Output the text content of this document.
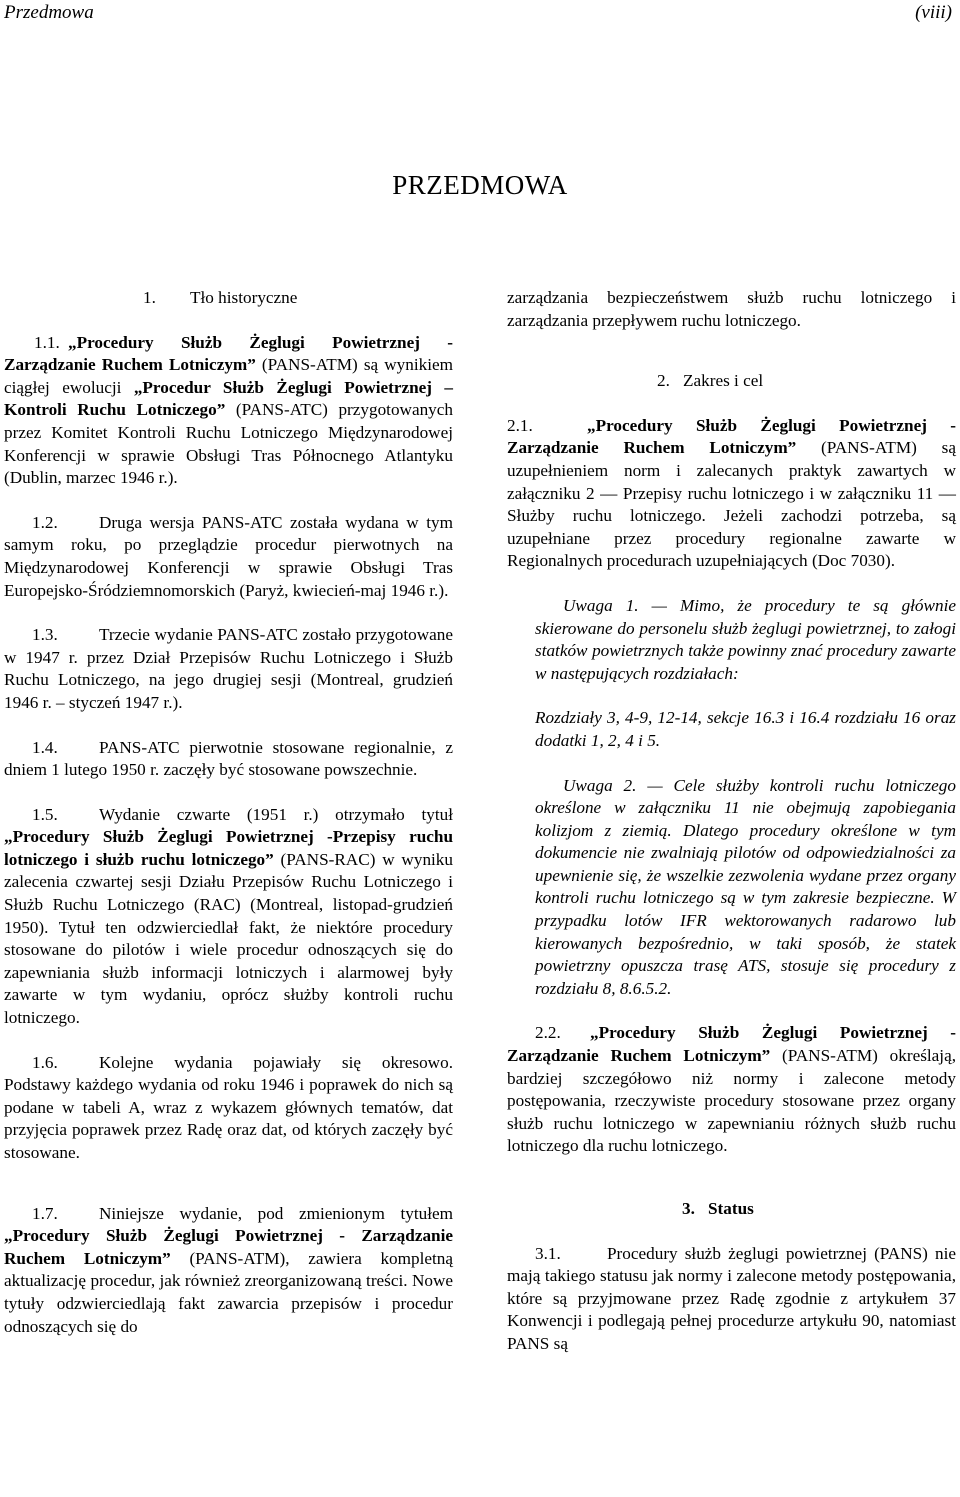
Przedmowa	(viii)
PRZEDMOWA

1. Tło historyczne

1.1. „Procedury Służb Żeglugi Powietrznej - Zarządzanie Ruchem Lotniczym” (PANS-ATM) są wynikiem ciągłej ewolucji „Procedur Służb Żeglugi Powietrznej – Kontroli Ruchu Lotniczego” (PANS-ATC) przygotowanych przez Komitet Kontroli Ruchu Lotniczego Międzynarodowej Konferencji w sprawie Obsługi Tras Północnego Atlantyku (Dublin, marzec 1946 r.).

1.2. Druga wersja PANS-ATC została wydana w tym samym roku, po przeglądzie procedur pierwotnych na Międzynarodowej Konferencji w sprawie Obsługi Tras Europejsko-Śródziemnomorskich (Paryż, kwiecień-maj 1946 r.).

1.3. Trzecie wydanie PANS-ATC zostało przygotowane w 1947 r. przez Dział Przepisów Ruchu Lotniczego i Służb Ruchu Lotniczego, na jego drugiej sesji (Montreal, grudzień 1946 r. – styczeń 1947 r.).

1.4. PANS-ATC pierwotnie stosowane regionalnie, z dniem 1 lutego 1950 r. zaczęły być stosowane powszechnie.

1.5. Wydanie czwarte (1951 r.) otrzymało tytuł „Procedury Służb Żeglugi Powietrznej -Przepisy ruchu lotniczego i służb ruchu lotniczego” (PANS-RAC) w wyniku zalecenia czwartej sesji Działu Przepisów Ruchu Lotniczego i Służb Ruchu Lotniczego (RAC) (Montreal, listopad-grudzień 1950). Tytuł ten odzwierciedlał fakt, że niektóre procedury stosowane do pilotów i wiele procedur odnoszących się do zapewniania służb informacji lotniczych i alarmowej były zawarte w tym wydaniu, oprócz służby kontroli ruchu lotniczego.

1.6. Kolejne wydania pojawiały się okresowo. Podstawy każdego wydania od roku 1946 i poprawek do nich są podane w tabeli A, wraz z wykazem głównych tematów, dat przyjęcia poprawek przez Radę oraz dat, od których zaczęły być stosowane.

1.7. Niniejsze wydanie, pod zmienionym tytułem „Procedury Służb Żeglugi Powietrznej - Zarządzanie Ruchem Lotniczym” (PANS-ATM), zawiera kompletną aktualizację procedur, jak również zreorganizowaną treści. Nowe tytuły odzwierciedlają fakt zawarcia przepisów i procedur odnoszących się do

zarządzania bezpieczeństwem służb ruchu lotniczego i zarządzania przepływem ruchu lotniczego.

2. Zakres i cel

2.1.	„Procedury Służb Żeglugi Powietrznej - Zarządzanie Ruchem Lotniczym” (PANS-ATM) są uzupełnieniem norm i zalecanych praktyk zawartych w załączniku 2 — Przepisy ruchu lotniczego i w załączniku 11 — Służby ruchu lotniczego. Jeżeli zachodzi potrzeba, są uzupełniane przez procedury regionalne zawarte w Regionalnych procedurach uzupełniających (Doc 7030).

Uwaga 1. — Mimo, że procedury te są głównie skierowane do personelu służb żeglugi powietrznej, to załogi statków powietrznych także powinny znać procedury zawarte w następujących rozdziałach:

Rozdziały 3, 4-9, 12-14, sekcje 16.3 i 16.4 rozdziału 16 oraz dodatki 1, 2, 4 i 5.

Uwaga 2. — Cele służby kontroli ruchu lotniczego określone w załączniku 11 nie obejmują zapobiegania kolizjom z ziemią. Dlatego procedury określone w tym dokumencie nie zwalniają pilotów od odpowiedzialności za upewnienie się, że wszelkie zezwolenia wydane przez organy kontroli ruchu lotniczego są w tym zakresie bezpieczne. W przypadku lotów IFR wektorowanych radarowo lub kierowanych bezpośrednio, w taki sposób, że statek powietrzny opuszcza trasę ATS, stosuje się procedury z rozdziału 8, 8.6.5.2.

2.2. „Procedury Służb Żeglugi Powietrznej - Zarządzanie Ruchem Lotniczym” (PANS-ATM) określają, bardziej szczegółowo niż normy i zalecone metody postępowania, rzeczywiste procedury stosowane przez organy służb ruchu lotniczego w zapewnianiu różnych służb ruchu lotniczego dla ruchu lotniczego.

3. Status

3.1.	Procedury służb żeglugi powietrznej (PANS) nie mają takiego statusu jak normy i zalecone metody postępowania, które są przyjmowane przez Radę zgodnie z artykułem 37 Konwencji i podlegają pełnej procedurze artykułu 90, natomiast PANS są
